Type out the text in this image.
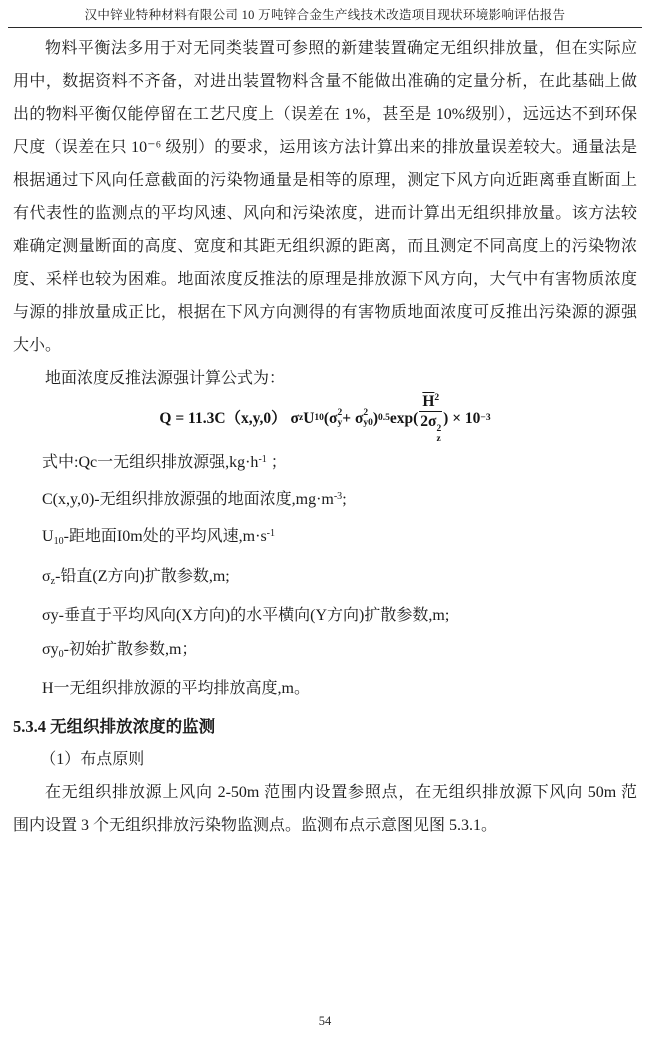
汉中锌业特种材料有限公司 10 万吨锌合金生产线技术改造项目现状环境影响评估报告

物料平衡法多用于对无同类装置可参照的新建装置确定无组织排放量，但在实际应

用中，数据资料不齐备，对进出装置物料含量不能做出准确的定量分析，在此基础上做

出的物料平衡仅能停留在工艺尺度上（误差在 1%，甚至是 10%级别），远远达不到环保

尺度（误差在只 10⁻⁶ 级别）的要求，运用该方法计算出来的排放量误差较大。通量法是

根据通过下风向任意截面的污染物通量是相等的原理，测定下风方向近距离垂直断面上

有代表性的监测点的平均风速、风向和污染浓度，进而计算出无组织排放量。该方法较

难确定测量断面的高度、宽度和其距无组织源的距离，而且测定不同高度上的污染物浓

度、采样也较为困难。地面浓度反推法的原理是排放源下风方向，大气中有害物质浓度

与源的排放量成正比，根据在下风方向测得的有害物质地面浓度可反推出污染源的源强

大小。

地面浓度反推法源强计算公式为：

Q = 11.3C（x,y,0） σ z U 10 (σ 2
y + σ 2
y0 ) 0.5 exp( $\overline{H}^2$
2σ 2
z ) × 10 −3

式中:Qc一无组织排放源强$,kg\cdot h^{-1}$ ；

C(x,y,0)-无组织排放源强的地面浓度$,mg\cdot m^{-3}$;

$U_{10}-$距地面I0m处的平均风速$,m\cdot s^{-1}$

$\sigma_z-$铅直(Z方向)扩散参数,m;

σy-垂直于平均风向(X方向)的水平横向(Y方向)扩散参数,m;

$\sigma y_0-$初始扩散参数,m；

H一无组织排放源的平均排放高度,m。

5.3.4 无组织排放浓度的监测

（1）布点原则

在无组织排放源上风向 2-50m 范围内设置参照点，在无组织排放源下风向 50m 范

围内设置 3 个无组织排放污染物监测点。监测布点示意图见图 5.3.1。

54
